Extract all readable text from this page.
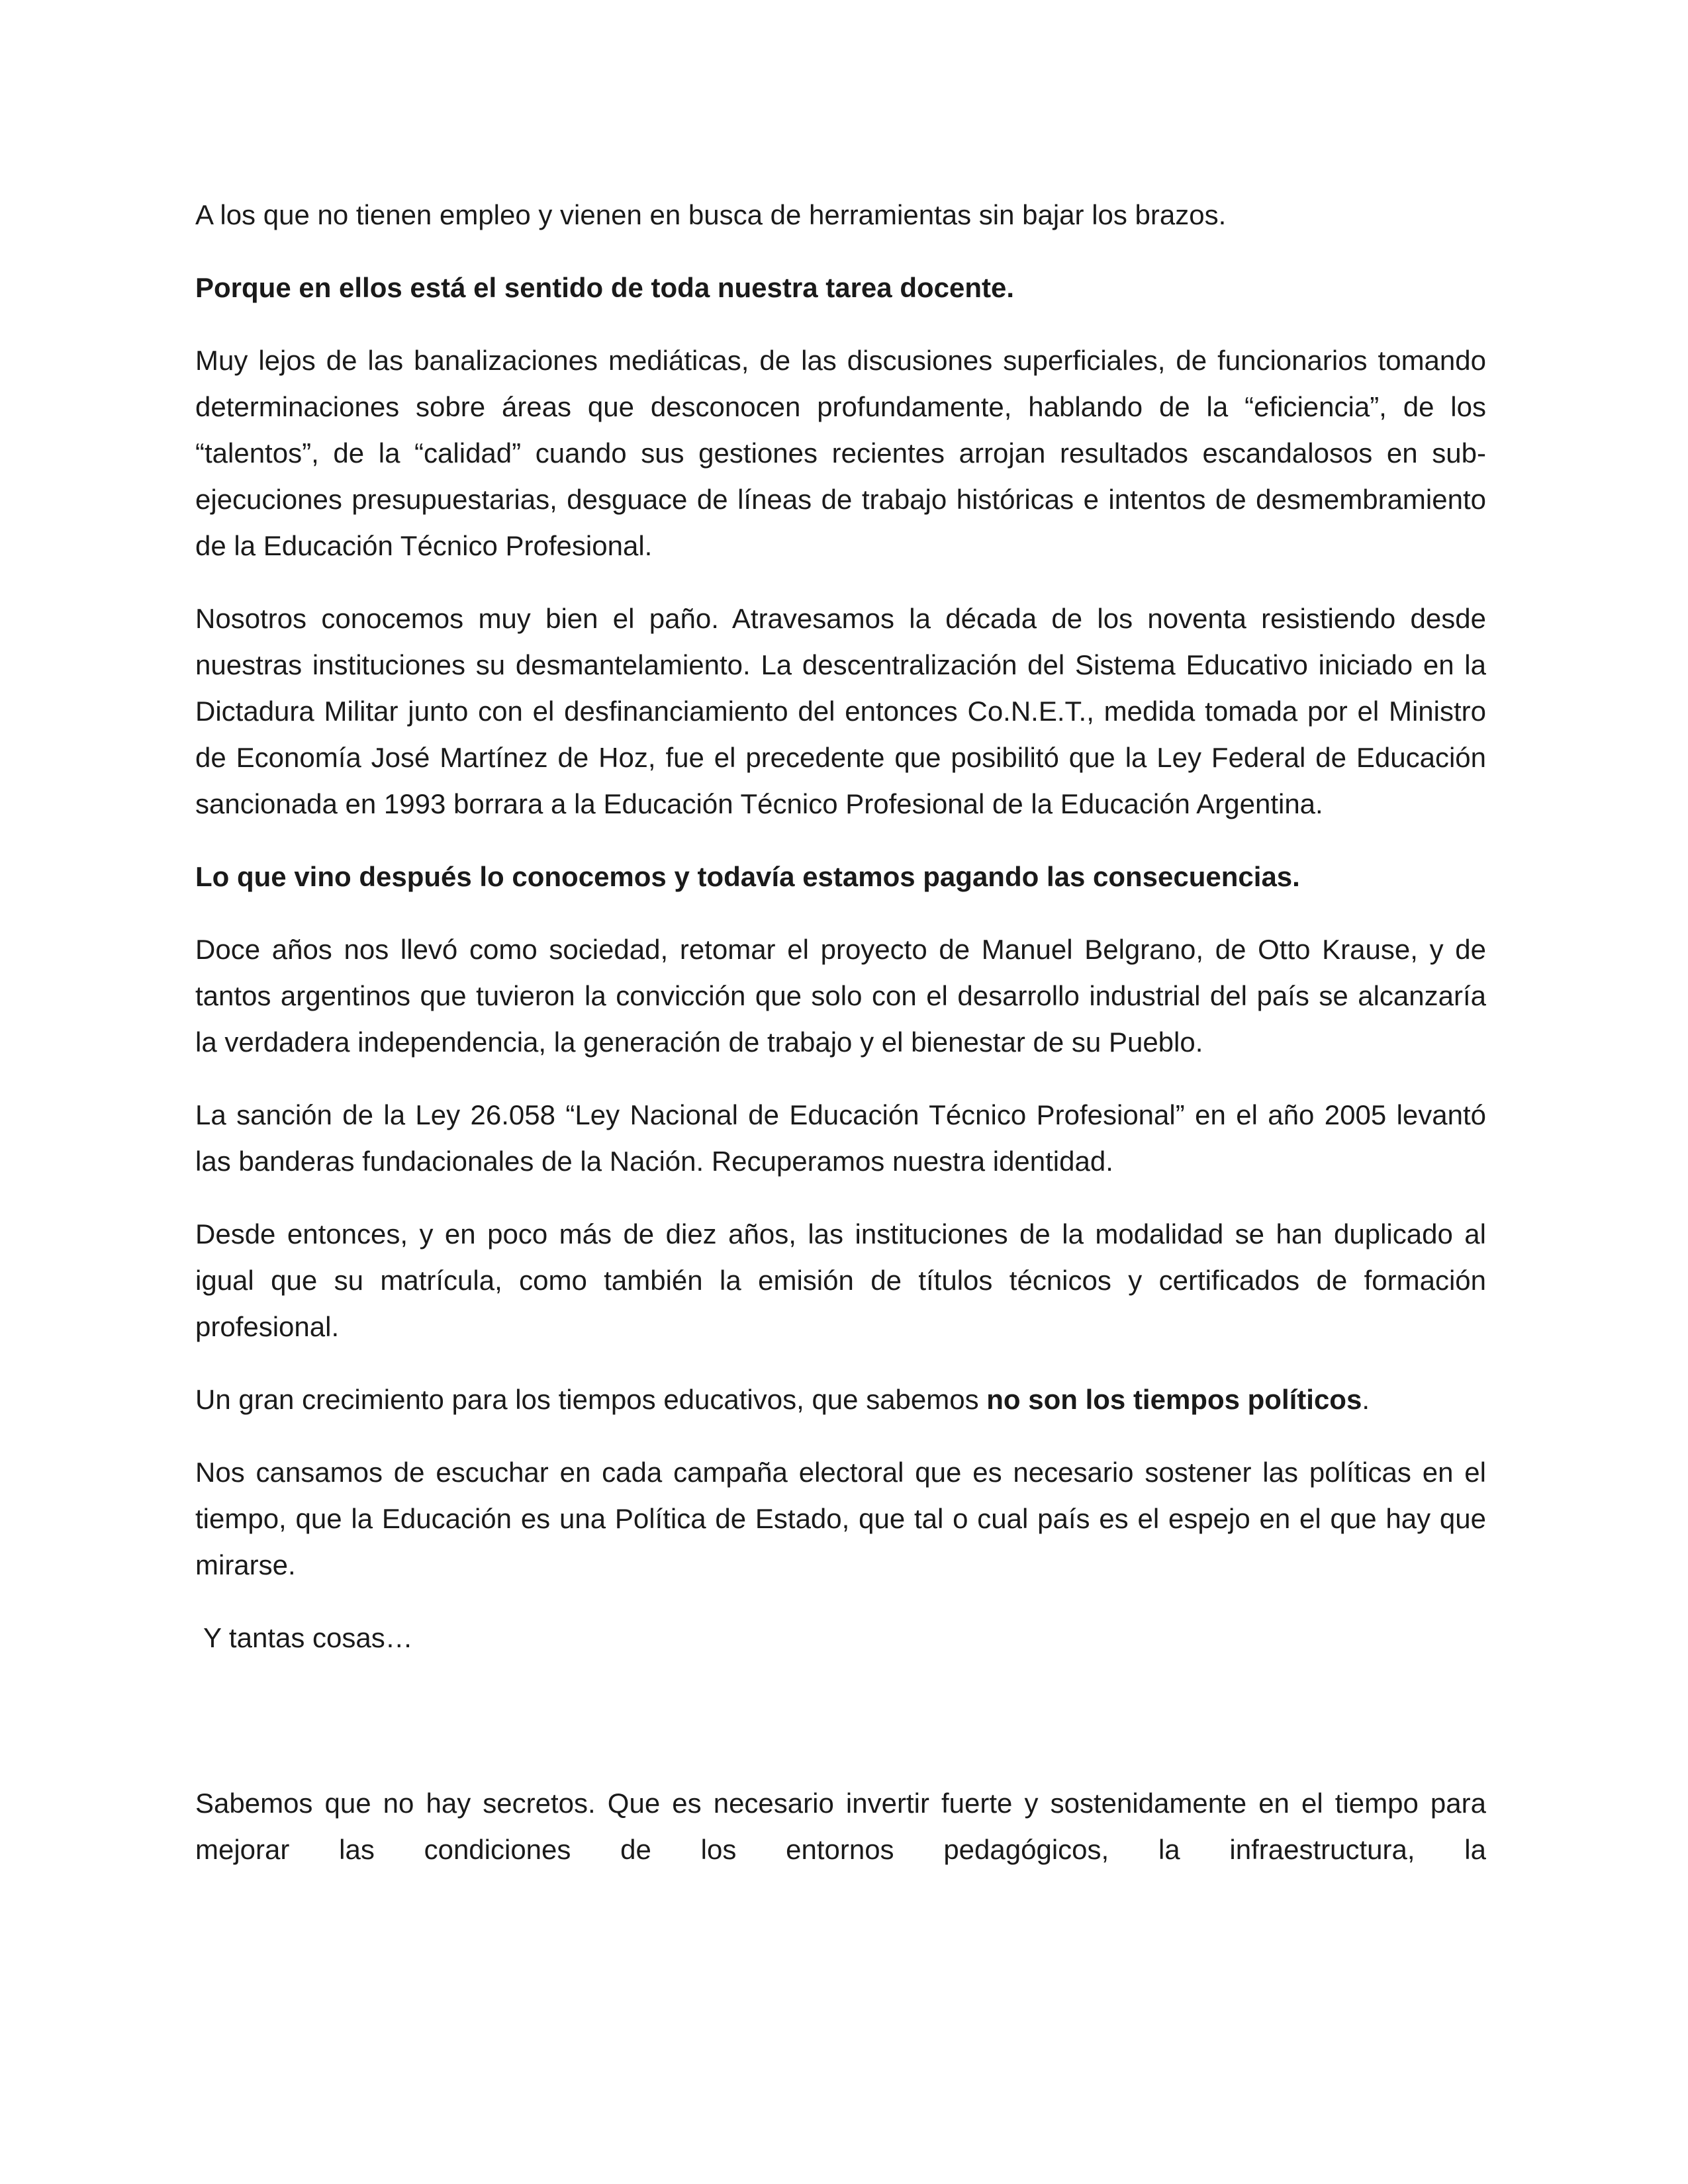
A los que no tienen empleo y vienen en busca de herramientas sin bajar los brazos.

Porque en ellos está el sentido de toda nuestra tarea docente.

Muy lejos de las banalizaciones mediáticas, de las discusiones superficiales, de funcionarios tomando determinaciones sobre áreas que desconocen profundamente, hablando de la “eficiencia”, de los “talentos”, de la “calidad” cuando sus gestiones recientes arrojan resultados escandalosos en sub-ejecuciones presupuestarias, desguace de líneas de trabajo históricas e intentos de desmembramiento de la Educación Técnico Profesional.

Nosotros conocemos muy bien el paño. Atravesamos la década de los noventa resistiendo desde nuestras instituciones su desmantelamiento. La descentralización del Sistema Educativo iniciado en la Dictadura Militar junto con el desfinanciamiento del entonces Co.N.E.T., medida tomada por el Ministro de Economía José Martínez de Hoz, fue el precedente que posibilitó que la Ley Federal de Educación sancionada en 1993 borrara a la Educación Técnico Profesional de la Educación Argentina.

Lo que vino después lo conocemos y todavía estamos pagando las consecuencias.

Doce años nos llevó como sociedad, retomar el proyecto de Manuel Belgrano, de Otto Krause, y de tantos argentinos que tuvieron la convicción que solo con el desarrollo industrial del país se alcanzaría la verdadera independencia, la generación de trabajo y el bienestar de su Pueblo.

La sanción de la Ley 26.058 “Ley Nacional de Educación Técnico Profesional” en el año 2005 levantó las banderas fundacionales de la Nación. Recuperamos nuestra identidad.

Desde entonces, y en poco más de diez años, las instituciones de la modalidad se han duplicado al igual que su matrícula, como también la emisión de títulos técnicos y certificados de formación profesional.

Un gran crecimiento para los tiempos educativos, que sabemos no son los tiempos políticos.

Nos cansamos de escuchar en cada campaña electoral que es necesario sostener las políticas en el tiempo, que la Educación es una Política de Estado, que tal o cual país es el espejo en el que hay que mirarse.

Y tantas cosas…

Sabemos que no hay secretos. Que es necesario invertir fuerte y sostenidamente en el tiempo para mejorar las condiciones de los entornos pedagógicos, la infraestructura, la
